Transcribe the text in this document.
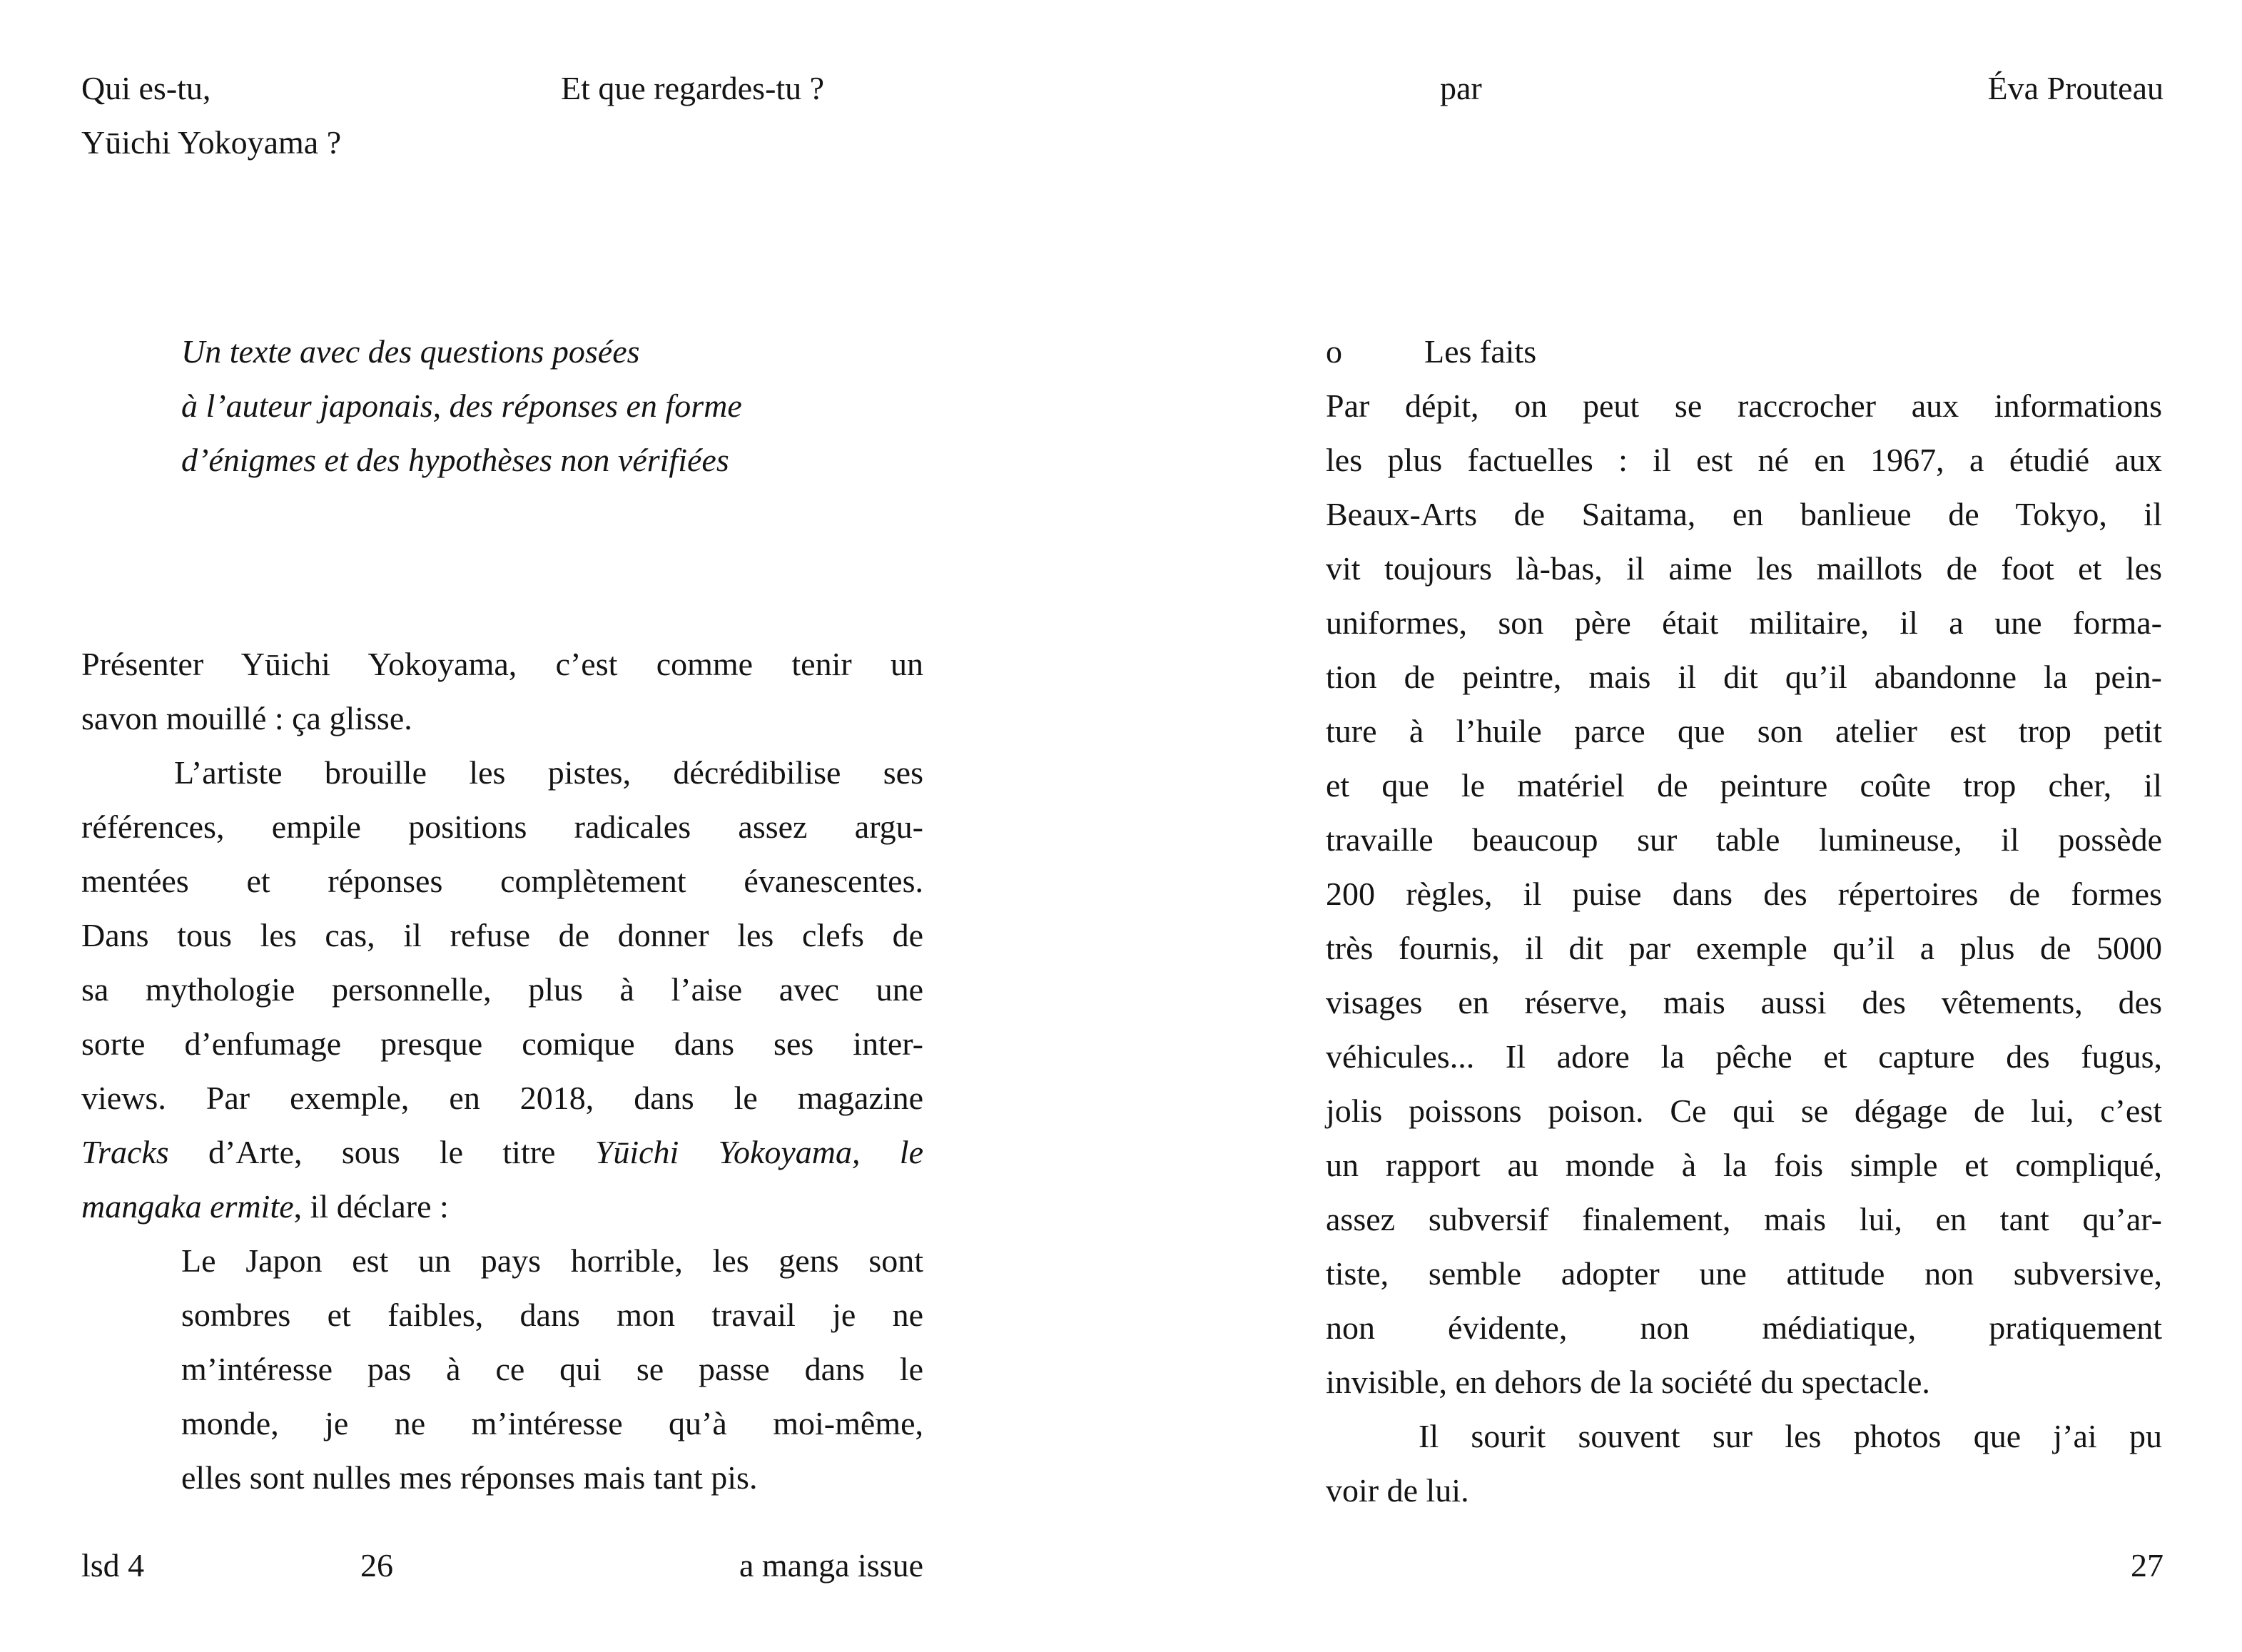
Qui es-tu,
Yūichi Yokoyama ?
Et que regardes-tu ?	par	Éva Prouteau
Un texte avec des questions posées
à l’auteur japonais, des réponses en forme
d’énigmes et des hypothèses non vérifiées
Présenter Yūichi Yokoyama, c’est comme tenir un
savon mouillé : ça glisse.
L’artiste brouille les pistes, décrédibilise ses
références, empile positions radicales assez argu-
mentées et réponses complètement évanescentes.
Dans tous les cas, il refuse de donner les clefs de
sa mythologie personnelle, plus à l’aise avec une
sorte d’enfumage presque comique dans ses inter-
views. Par exemple, en 2018, dans le magazine
Tracks d’Arte, sous le titre Yūichi Yokoyama, le
mangaka ermite, il déclare :
Le Japon est un pays horrible, les gens sont
sombres et faibles, dans mon travail je ne
m’intéresse pas à ce qui se passe dans le
monde, je ne m’intéresse qu’à moi-même,
elles sont nulles mes réponses mais tant pis.
o	Les faits
Par dépit, on peut se raccrocher aux informations
les plus factuelles : il est né en 1967, a étudié aux
Beaux-Arts de Saitama, en banlieue de Tokyo, il
vit toujours là-bas, il aime les maillots de foot et les
uniformes, son père était militaire, il a une forma-
tion de peintre, mais il dit qu’il abandonne la pein-
ture à l’huile parce que son atelier est trop petit
et que le matériel de peinture coûte trop cher, il
travaille beaucoup sur table lumineuse, il possède
200 règles, il puise dans des répertoires de formes
très fournis, il dit par exemple qu’il a plus de 5000
visages en réserve, mais aussi des vêtements, des
véhicules... Il adore la pêche et capture des fugus,
jolis poissons poison. Ce qui se dégage de lui, c’est
un rapport au monde à la fois simple et compliqué,
assez subversif finalement, mais lui, en tant qu’ar-
tiste, semble adopter une attitude non subversive,
non évidente, non médiatique, pratiquement
invisible, en dehors de la société du spectacle.
Il sourit souvent sur les photos que j’ai pu
voir de lui.
lsd 4	26	a manga issue	27
